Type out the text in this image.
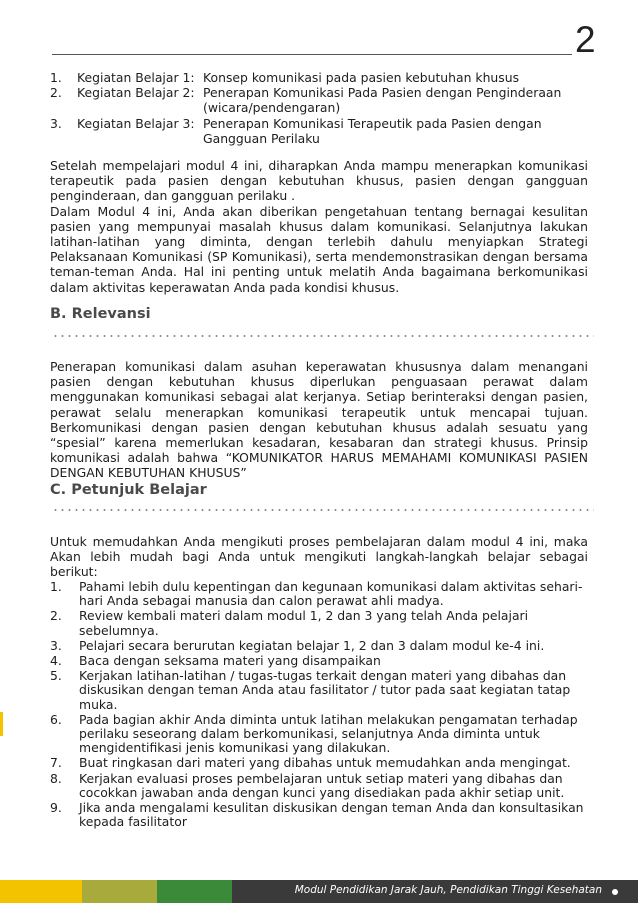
2
1. Kegiatan Belajar 1: Konsep komunikasi pada pasien kebutuhan khusus
2. Kegiatan Belajar 2: Penerapan Komunikasi Pada Pasien dengan Penginderaan (wicara/pendengaran)
3. Kegiatan Belajar 3: Penerapan Komunikasi Terapeutik pada Pasien dengan Gangguan Perilaku
Setelah mempelajari modul 4 ini, diharapkan Anda mampu menerapkan komunikasi terapeutik pada pasien dengan kebutuhan khusus, pasien dengan gangguan penginderaan, dan gangguan perilaku .
Dalam Modul 4 ini, Anda akan diberikan pengetahuan tentang bernagai kesulitan pasien yang mempunyai masalah khusus dalam komunikasi. Selanjutnya lakukan latihan-latihan yang diminta, dengan terlebih dahulu menyiapkan Strategi Pelaksanaan Komunikasi (SP Komunikasi), serta mendemonstrasikan dengan bersama teman-teman Anda. Hal ini penting untuk melatih Anda bagaimana berkomunikasi dalam aktivitas keperawatan Anda pada kondisi khusus.
B. Relevansi
Penerapan komunikasi dalam asuhan keperawatan khususnya dalam menangani pasien dengan kebutuhan khusus diperlukan penguasaan perawat dalam menggunakan komunikasi sebagai alat kerjanya. Setiap berinteraksi dengan pasien, perawat selalu menerapkan komunikasi terapeutik untuk mencapai tujuan. Berkomunikasi dengan pasien dengan kebutuhan khusus adalah sesuatu yang “spesial” karena memerlukan kesadaran, kesabaran dan strategi khusus. Prinsip komunikasi adalah bahwa “KOMUNIKATOR HARUS MEMAHAMI KOMUNIKASI PASIEN DENGAN KEBUTUHAN KHUSUS”
C. Petunjuk Belajar
Untuk memudahkan Anda mengikuti proses pembelajaran dalam modul 4 ini, maka Akan lebih mudah bagi Anda untuk mengikuti langkah-langkah belajar sebagai berikut:
1. Pahami lebih dulu kepentingan dan kegunaan komunikasi dalam aktivitas sehari-hari Anda sebagai manusia dan calon perawat ahli madya.
2. Review kembali materi dalam modul 1, 2 dan 3 yang telah Anda pelajari sebelumnya.
3. Pelajari secara berurutan kegiatan belajar 1, 2 dan 3 dalam modul ke-4 ini.
4. Baca dengan seksama materi yang disampaikan
5. Kerjakan latihan-latihan / tugas-tugas terkait dengan materi yang dibahas dan diskusikan dengan teman Anda atau fasilitator / tutor pada saat kegiatan tatap muka.
6. Pada bagian akhir Anda diminta untuk latihan melakukan pengamatan terhadap perilaku seseorang dalam berkomunikasi, selanjutnya Anda diminta untuk mengidentifikasi jenis komunikasi yang dilakukan.
7. Buat ringkasan dari materi yang dibahas untuk memudahkan anda mengingat.
8. Kerjakan evaluasi proses pembelajaran untuk setiap materi yang dibahas dan cocokkan jawaban anda dengan kunci yang disediakan pada akhir setiap unit.
9. Jika anda mengalami kesulitan diskusikan dengan teman Anda dan konsultasikan kepada fasilitator
Modul Pendidikan Jarak Jauh, Pendidikan Tinggi Kesehatan
